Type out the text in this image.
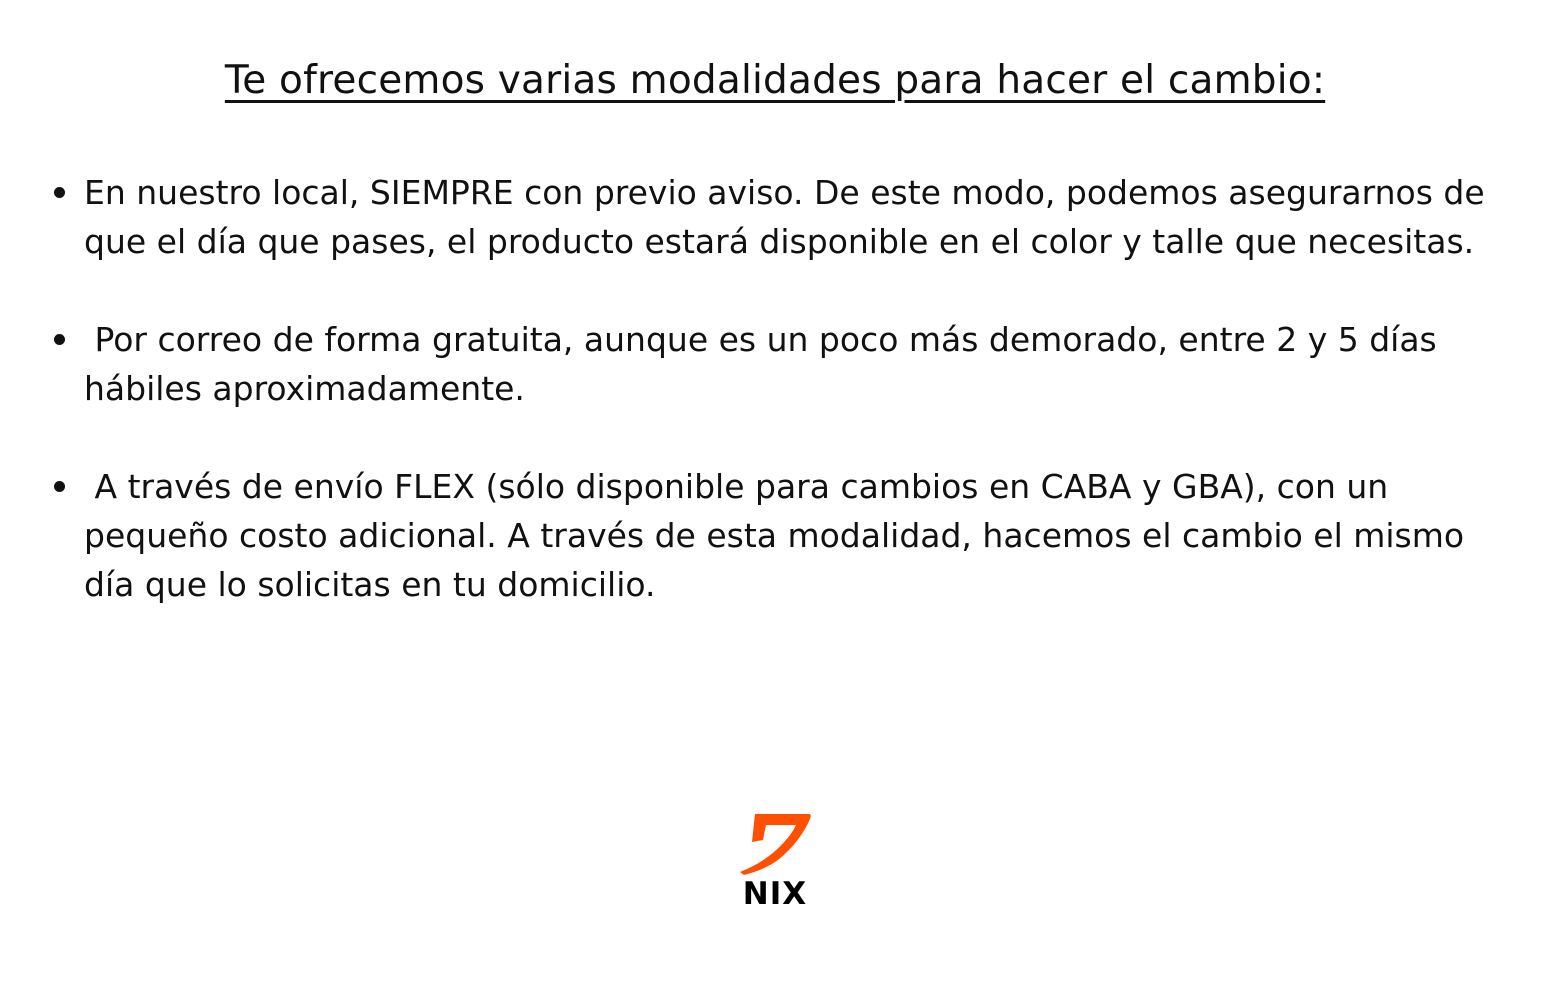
Te ofrecemos varias modalidades para hacer el cambio:
En nuestro local, SIEMPRE con previo aviso. De este modo, podemos asegurarnos de que el día que pases, el producto estará disponible en el color y talle que necesitas.
Por correo de forma gratuita, aunque es un poco más demorado, entre 2 y 5 días hábiles aproximadamente.
A través de envío FLEX (sólo disponible para cambios en CABA y GBA), con un pequeño costo adicional. A través de esta modalidad, hacemos el cambio el mismo día que lo solicitas en tu domicilio.
NIX
